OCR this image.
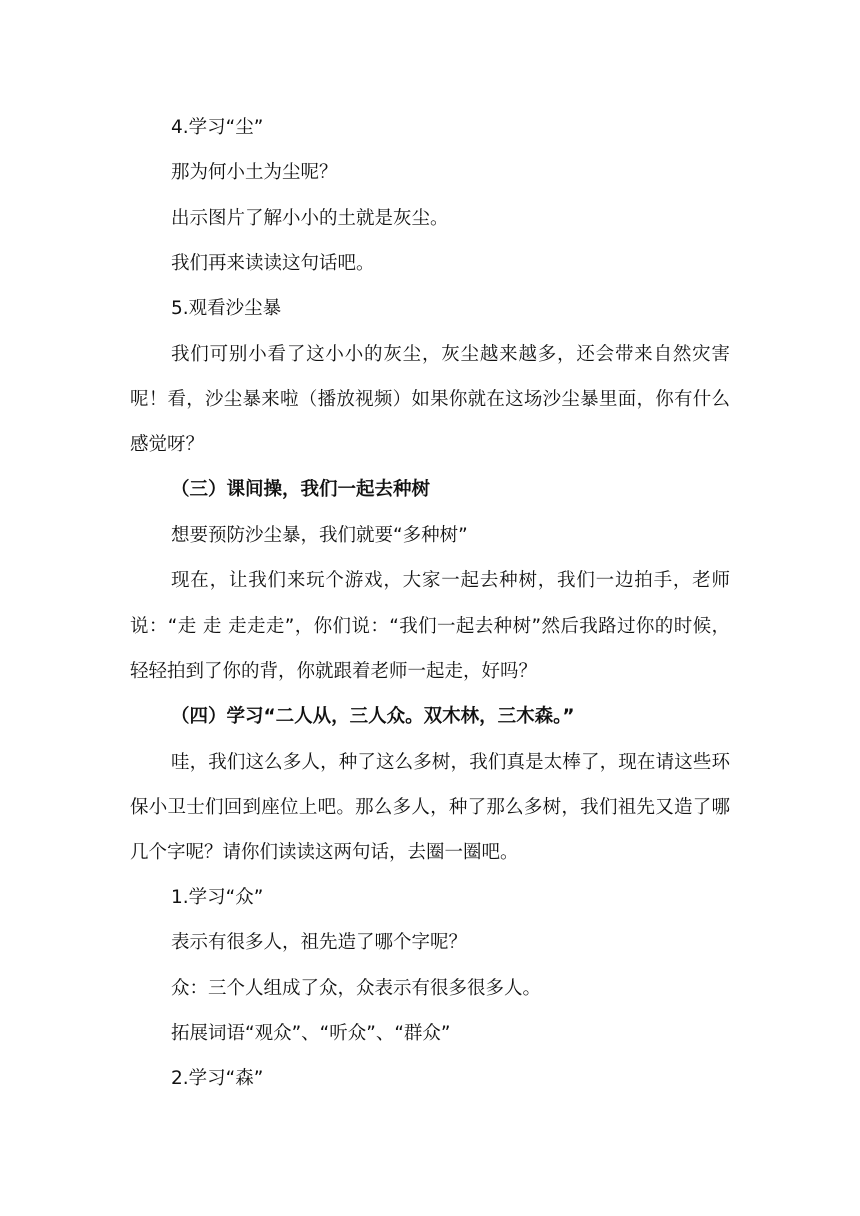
4.学习“尘”

那为何小土为尘呢？

出示图片了解小小的土就是灰尘。

我们再来读读这句话吧。

5.观看沙尘暴

我们可别小看了这小小的灰尘，灰尘越来越多，还会带来自然灾害呢！看，沙尘暴来啦（播放视频）如果你就在这场沙尘暴里面，你有什么感觉呀？

（三）课间操，我们一起去种树

想要预防沙尘暴，我们就要“多种树”

现在，让我们来玩个游戏，大家一起去种树，我们一边拍手，老师说：“走 走 走走走”，你们说：“我们一起去种树”然后我路过你的时候，轻轻拍到了你的背，你就跟着老师一起走，好吗？

（四）学习“二人从，三人众。双木林，三木森。”

哇，我们这么多人，种了这么多树，我们真是太棒了，现在请这些环保小卫士们回到座位上吧。那么多人，种了那么多树，我们祖先又造了哪几个字呢？请你们读读这两句话，去圈一圈吧。

1.学习“众”

表示有很多人，祖先造了哪个字呢？

众：三个人组成了众，众表示有很多很多人。

拓展词语“观众”、“听众”、“群众”

2.学习“森”
